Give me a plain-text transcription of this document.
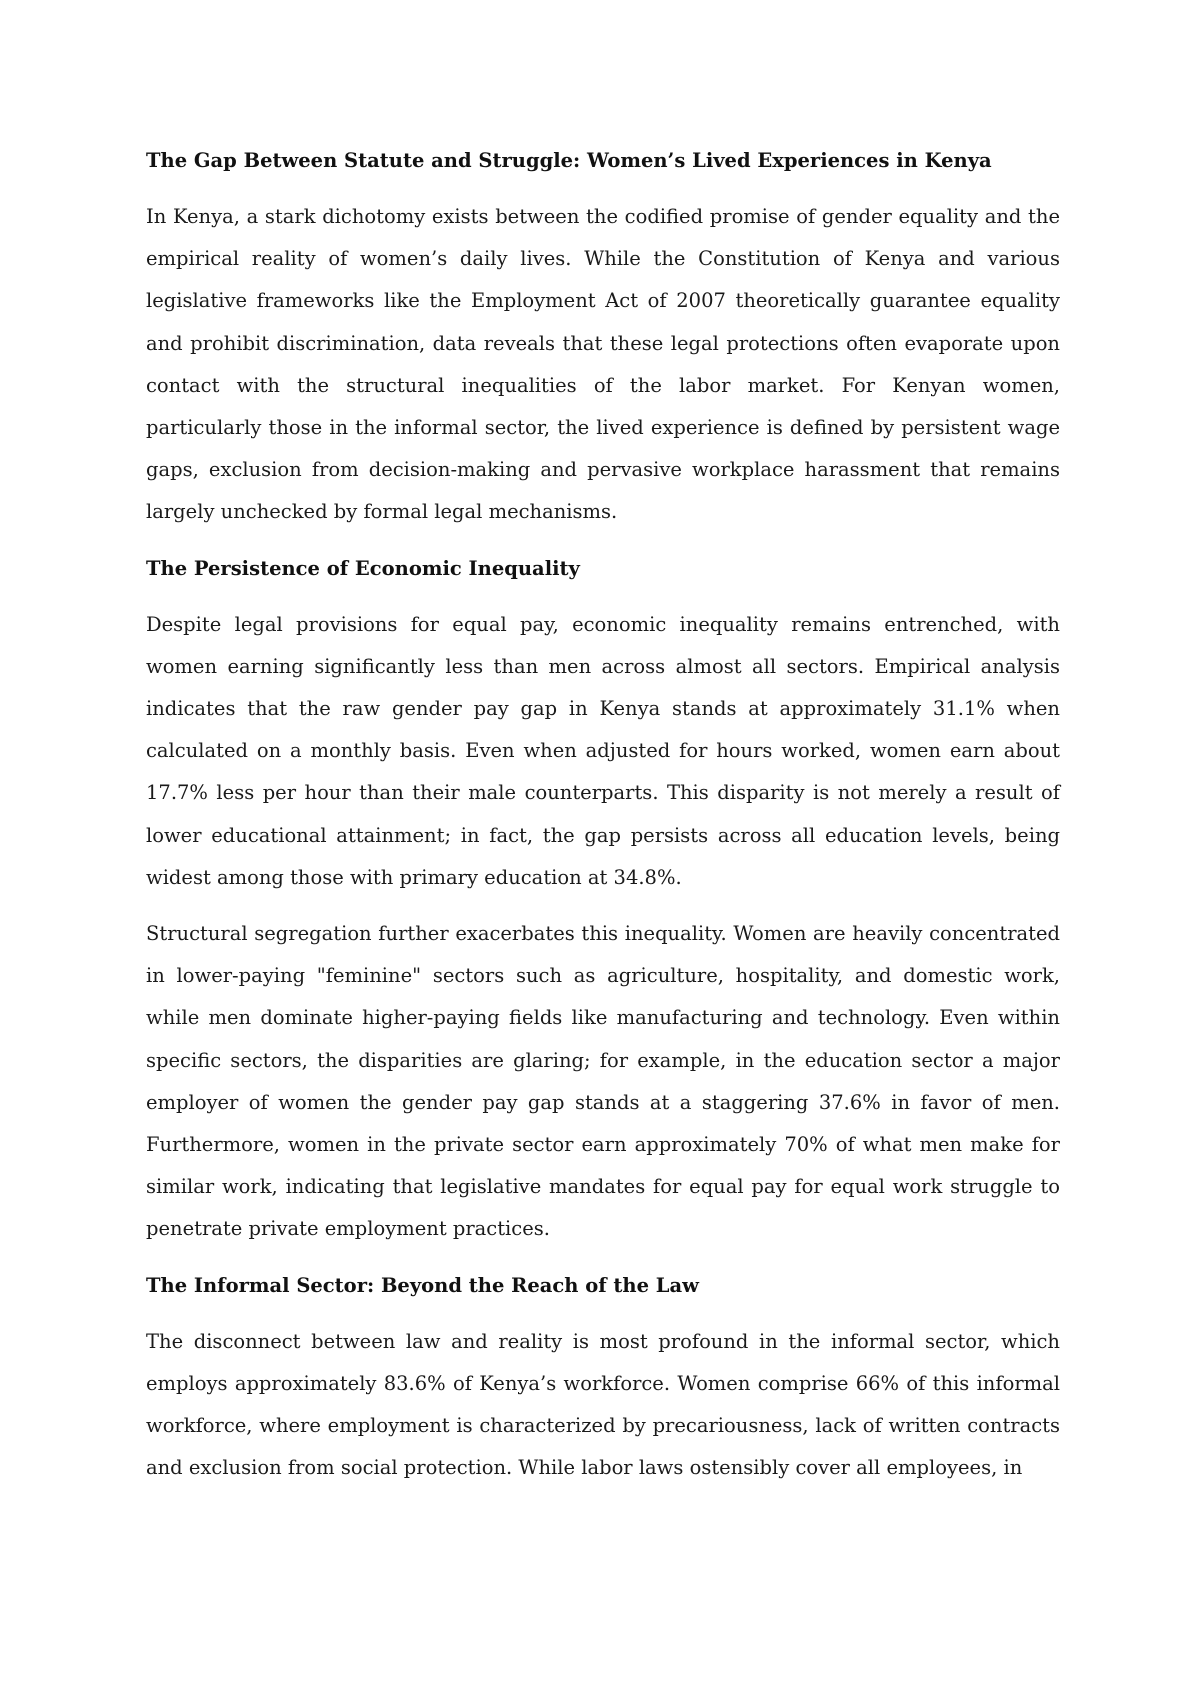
The Gap Between Statute and Struggle: Women’s Lived Experiences in Kenya

In Kenya, a stark dichotomy exists between the codified promise of gender equality and the empirical reality of women’s daily lives. While the Constitution of Kenya and various legislative frameworks like the Employment Act of 2007 theoretically guarantee equality and prohibit discrimination, data reveals that these legal protections often evaporate upon contact with the structural inequalities of the labor market. For Kenyan women, particularly those in the informal sector, the lived experience is defined by persistent wage gaps, exclusion from decision-making and pervasive workplace harassment that remains largely unchecked by formal legal mechanisms.

The Persistence of Economic Inequality

Despite legal provisions for equal pay, economic inequality remains entrenched, with women earning significantly less than men across almost all sectors. Empirical analysis indicates that the raw gender pay gap in Kenya stands at approximately 31.1% when calculated on a monthly basis. Even when adjusted for hours worked, women earn about 17.7% less per hour than their male counterparts. This disparity is not merely a result of lower educational attainment; in fact, the gap persists across all education levels, being widest among those with primary education at 34.8%.

Structural segregation further exacerbates this inequality. Women are heavily concentrated in lower-paying "feminine" sectors such as agriculture, hospitality, and domestic work, while men dominate higher-paying fields like manufacturing and technology. Even within specific sectors, the disparities are glaring; for example, in the education sector a major employer of women the gender pay gap stands at a staggering 37.6% in favor of men. Furthermore, women in the private sector earn approximately 70% of what men make for similar work, indicating that legislative mandates for equal pay for equal work struggle to penetrate private employment practices.

The Informal Sector: Beyond the Reach of the Law

The disconnect between law and reality is most profound in the informal sector, which employs approximately 83.6% of Kenya’s workforce. Women comprise 66% of this informal workforce, where employment is characterized by precariousness, lack of written contracts and exclusion from social protection. While labor laws ostensibly cover all employees, in
